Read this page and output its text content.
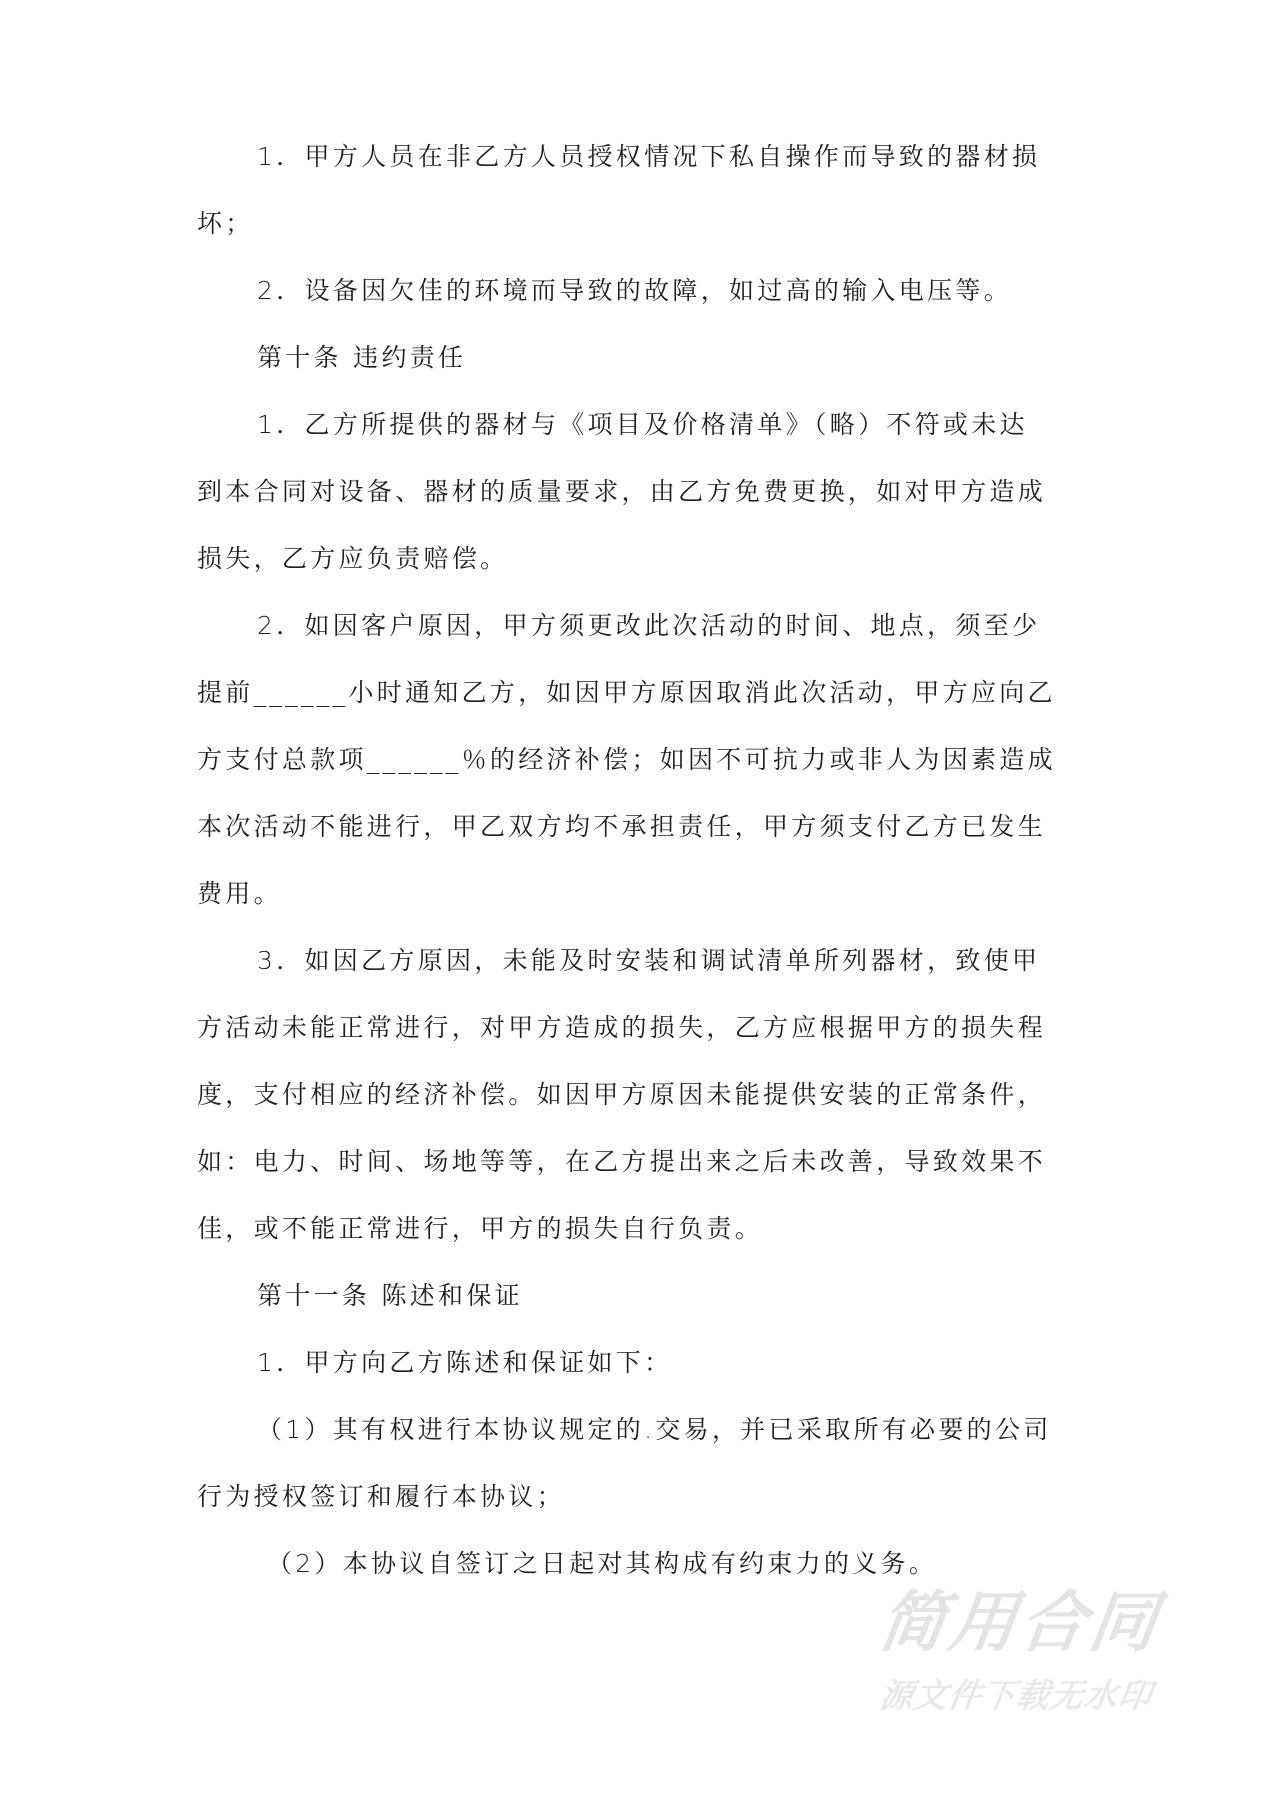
1．甲方人员在非乙方人员授权情况下私自操作而导致的器材损

坏；

2．设备因欠佳的环境而导致的故障，如过高的输入电压等。

第十条 违约责任

1．乙方所提供的器材与《项目及价格清单》（略）不符或未达

到本合同对设备、器材的质量要求，由乙方免费更换，如对甲方造成

损失，乙方应负责赔偿。

2．如因客户原因，甲方须更改此次活动的时间、地点，须至少

提前______小时通知乙方，如因甲方原因取消此次活动，甲方应向乙

方支付总款项______％的经济补偿；如因不可抗力或非人为因素造成

本次活动不能进行，甲乙双方均不承担责任，甲方须支付乙方已发生

费用。

3．如因乙方原因，未能及时安装和调试清单所列器材，致使甲

方活动未能正常进行，对甲方造成的损失，乙方应根据甲方的损失程

度，支付相应的经济补偿。如因甲方原因未能提供安装的正常条件，

如：电力、时间、场地等等，在乙方提出来之后未改善，导致效果不

佳，或不能正常进行，甲方的损失自行负责。

第十一条 陈述和保证

1．甲方向乙方陈述和保证如下：

（1）其有权进行本协议规定的.交易，并已采取所有必要的公司

行为授权签订和履行本协议；

（2）本协议自签订之日起对其构成有约束力的义务。

简用合同
源文件下载无水印
